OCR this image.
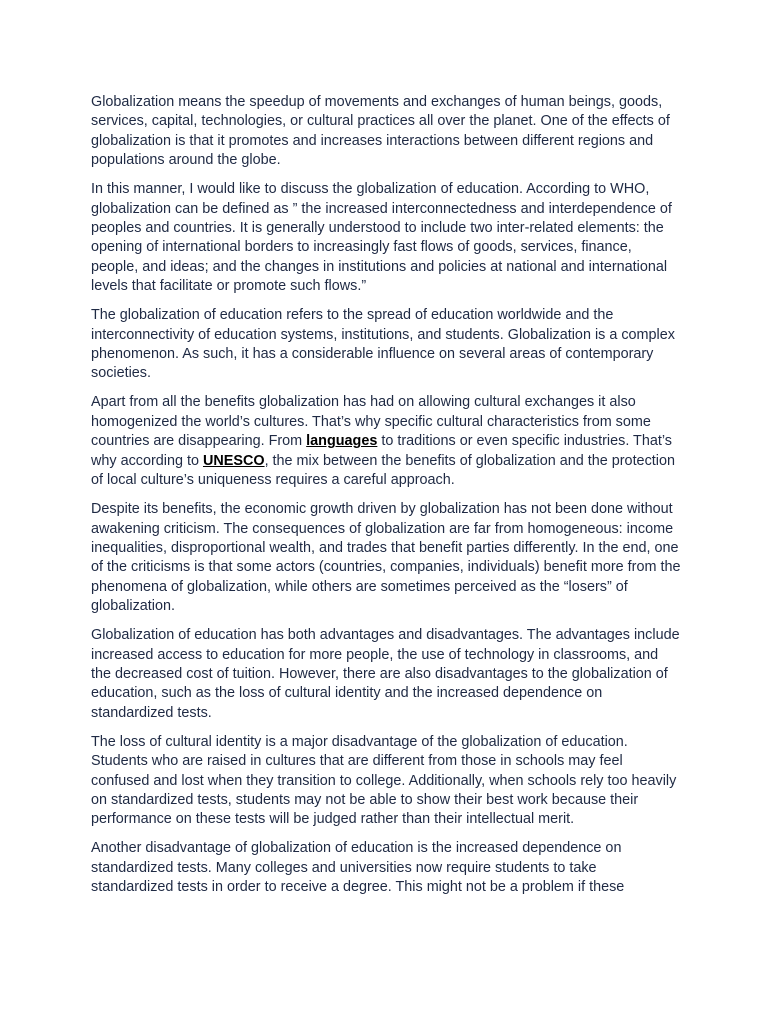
Globalization means the speedup of movements and exchanges of human beings, goods, services, capital, technologies, or cultural practices all over the planet. One of the effects of globalization is that it promotes and increases interactions between different regions and populations around the globe.

In this manner, I would like to discuss the globalization of education. According to WHO, globalization can be defined as ” the increased interconnectedness and interdependence of peoples and countries. It is generally understood to include two inter-related elements: the opening of international borders to increasingly fast flows of goods, services, finance, people, and ideas; and the changes in institutions and policies at national and international levels that facilitate or promote such flows.”

The globalization of education refers to the spread of education worldwide and the interconnectivity of education systems, institutions, and students. Globalization is a complex phenomenon. As such, it has a considerable influence on several areas of contemporary societies.

Apart from all the benefits globalization has had on allowing cultural exchanges it also homogenized the world’s cultures. That’s why specific cultural characteristics from some countries are disappearing. From languages to traditions or even specific industries. That’s why according to UNESCO, the mix between the benefits of globalization and the protection of local culture’s uniqueness requires a careful approach.

Despite its benefits, the economic growth driven by globalization has not been done without awakening criticism. The consequences of globalization are far from homogeneous: income inequalities, disproportional wealth, and trades that benefit parties differently. In the end, one of the criticisms is that some actors (countries, companies, individuals) benefit more from the phenomena of globalization, while others are sometimes perceived as the “losers” of globalization.

Globalization of education has both advantages and disadvantages. The advantages include increased access to education for more people, the use of technology in classrooms, and the decreased cost of tuition. However, there are also disadvantages to the globalization of education, such as the loss of cultural identity and the increased dependence on standardized tests.

The loss of cultural identity is a major disadvantage of the globalization of education. Students who are raised in cultures that are different from those in schools may feel confused and lost when they transition to college. Additionally, when schools rely too heavily on standardized tests, students may not be able to show their best work because their performance on these tests will be judged rather than their intellectual merit.

Another disadvantage of globalization of education is the increased dependence on standardized tests. Many colleges and universities now require students to take standardized tests in order to receive a degree. This might not be a problem if these
